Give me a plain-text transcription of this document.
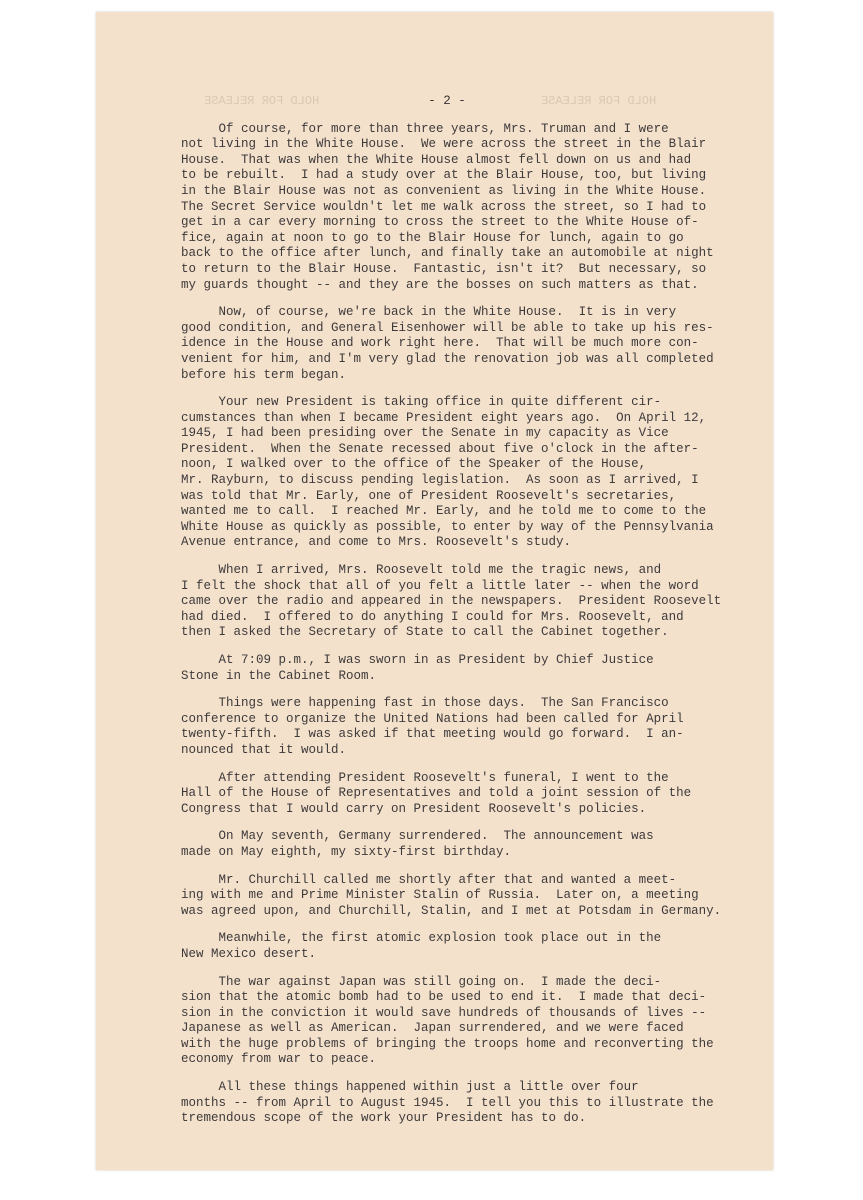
HOLD FOR RELEASE	HOLD FOR RELEASE
- 2 -
Of course, for more than three years, Mrs. Truman and I were
not living in the White House.  We were across the street in the Blair
House.  That was when the White House almost fell down on us and had
to be rebuilt.  I had a study over at the Blair House, too, but living
in the Blair House was not as convenient as living in the White House.
The Secret Service wouldn't let me walk across the street, so I had to
get in a car every morning to cross the street to the White House of-
fice, again at noon to go to the Blair House for lunch, again to go
back to the office after lunch, and finally take an automobile at night
to return to the Blair House.  Fantastic, isn't it?  But necessary, so
my guards thought -- and they are the bosses on such matters as that.
Now, of course, we're back in the White House.  It is in very
good condition, and General Eisenhower will be able to take up his res-
idence in the House and work right here.  That will be much more con-
venient for him, and I'm very glad the renovation job was all completed
before his term began.
Your new President is taking office in quite different cir-
cumstances than when I became President eight years ago.  On April 12,
1945, I had been presiding over the Senate in my capacity as Vice
President.  When the Senate recessed about five o'clock in the after-
noon, I walked over to the office of the Speaker of the House,
Mr. Rayburn, to discuss pending legislation.  As soon as I arrived, I
was told that Mr. Early, one of President Roosevelt's secretaries,
wanted me to call.  I reached Mr. Early, and he told me to come to the
White House as quickly as possible, to enter by way of the Pennsylvania
Avenue entrance, and come to Mrs. Roosevelt's study.
When I arrived, Mrs. Roosevelt told me the tragic news, and
I felt the shock that all of you felt a little later -- when the word
came over the radio and appeared in the newspapers.  President Roosevelt
had died.  I offered to do anything I could for Mrs. Roosevelt, and
then I asked the Secretary of State to call the Cabinet together.
At 7:09 p.m., I was sworn in as President by Chief Justice
Stone in the Cabinet Room.
Things were happening fast in those days.  The San Francisco
conference to organize the United Nations had been called for April
twenty-fifth.  I was asked if that meeting would go forward.  I an-
nounced that it would.
After attending President Roosevelt's funeral, I went to the
Hall of the House of Representatives and told a joint session of the
Congress that I would carry on President Roosevelt's policies.
On May seventh, Germany surrendered.  The announcement was
made on May eighth, my sixty-first birthday.
Mr. Churchill called me shortly after that and wanted a meet-
ing with me and Prime Minister Stalin of Russia.  Later on, a meeting
was agreed upon, and Churchill, Stalin, and I met at Potsdam in Germany.
Meanwhile, the first atomic explosion took place out in the
New Mexico desert.
The war against Japan was still going on.  I made the deci-
sion that the atomic bomb had to be used to end it.  I made that deci-
sion in the conviction it would save hundreds of thousands of lives --
Japanese as well as American.  Japan surrendered, and we were faced
with the huge problems of bringing the troops home and reconverting the
economy from war to peace.
All these things happened within just a little over four
months -- from April to August 1945.  I tell you this to illustrate the
tremendous scope of the work your President has to do.
